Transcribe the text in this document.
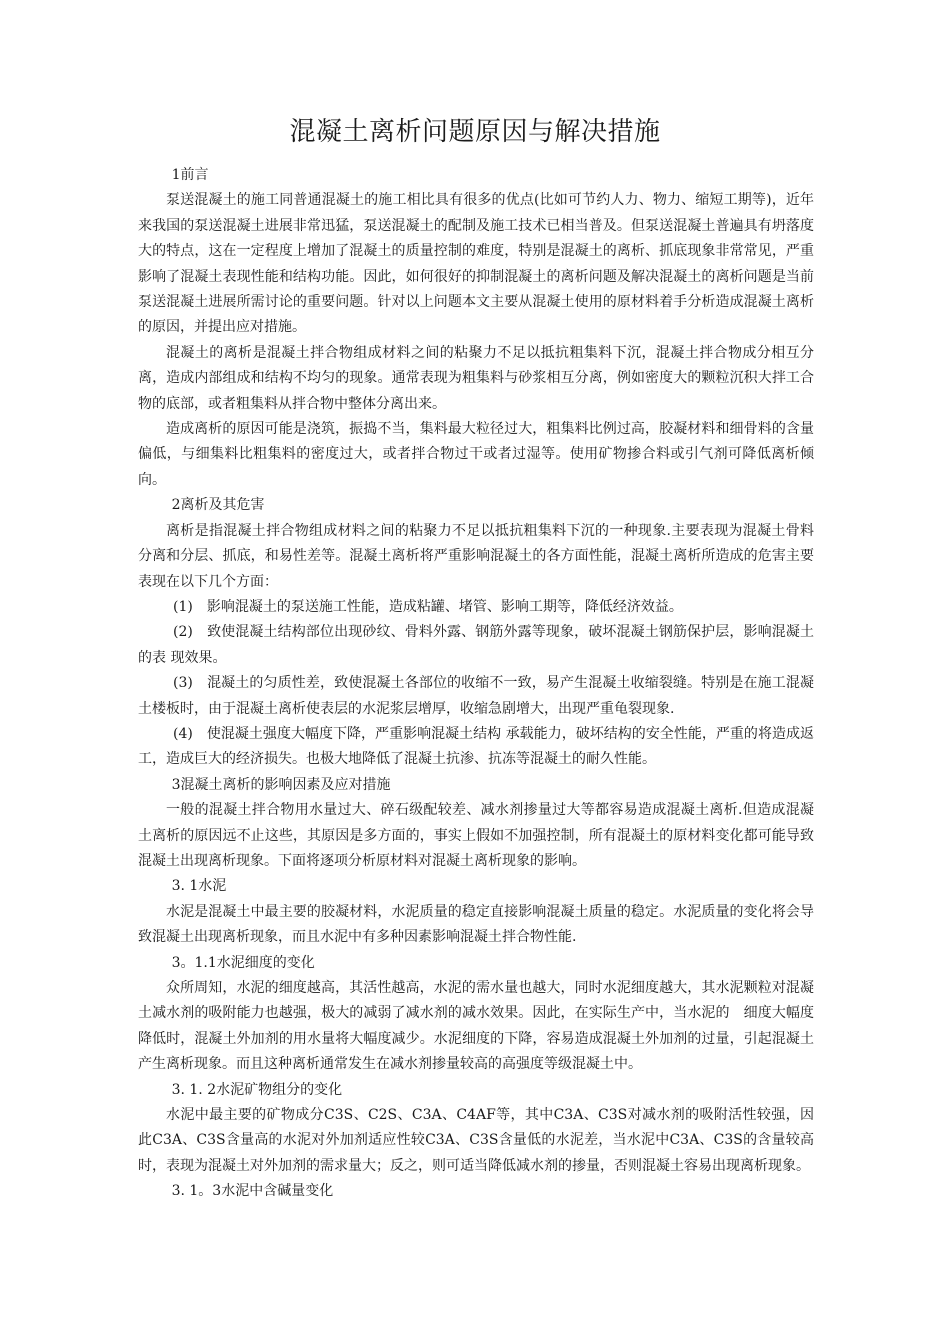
混凝土离析问题原因与解决措施

1前言

泵送混凝土的施工同普通混凝土的施工相比具有很多的优点(比如可节约人力、物力、缩短工期等)，近年来我国的泵送混凝土进展非常迅猛，泵送混凝土的配制及施工技术已相当普及。但泵送混凝土普遍具有坍落度大的特点，这在一定程度上增加了混凝土的质量控制的难度，特别是混凝土的离析、抓底现象非常常见，严重影响了混凝土表现性能和结构功能。因此，如何很好的抑制混凝土的离析问题及解决混凝土的离析问题是当前泵送混凝土进展所需讨论的重要问题。针对以上问题本文主要从混凝土使用的原材料着手分析造成混凝土离析的原因，并提出应对措施。

混凝土的离析是混凝土拌合物组成材料之间的粘聚力不足以抵抗粗集料下沉，混凝土拌合物成分相互分离，造成内部组成和结构不均匀的现象。通常表现为粗集料与砂浆相互分离，例如密度大的颗粒沉积大拌工合物的底部，或者粗集料从拌合物中整体分离出来。

造成离析的原因可能是浇筑，振捣不当，集料最大粒径过大，粗集料比例过高，胶凝材料和细骨料的含量偏低，与细集料比粗集料的密度过大，或者拌合物过干或者过湿等。使用矿物掺合料或引气剂可降低离析倾向。

2离析及其危害

离析是指混凝土拌合物组成材料之间的粘聚力不足以抵抗粗集料下沉的一种现象.主要表现为混凝土骨料分离和分层、抓底，和易性差等。混凝土离析将严重影响混凝土的各方面性能，混凝土离析所造成的危害主要表现在以下几个方面：

(1)　影响混凝土的泵送施工性能，造成粘罐、堵管、影响工期等，降低经济效益。

(2)　致使混凝土结构部位出现砂纹、骨料外露、钢筋外露等现象，破坏混凝土钢筋保护层，影响混凝土的表 现效果。

(3)　混凝土的匀质性差，致使混凝土各部位的收缩不一致，易产生混凝土收缩裂缝。特别是在施工混凝土楼板时，由于混凝土离析使表层的水泥浆层增厚，收缩急剧增大，出现严重龟裂现象.

(4)　使混凝土强度大幅度下降，严重影响混凝土结构 承载能力，破坏结构的安全性能，严重的将造成返工，造成巨大的经济损失。也极大地降低了混凝土抗渗、抗冻等混凝土的耐久性能。

3混凝土离析的影响因素及应对措施

一般的混凝土拌合物用水量过大、碎石级配较差、减水剂掺量过大等都容易造成混凝土离析.但造成混凝土离析的原因远不止这些，其原因是多方面的，事实上假如不加强控制，所有混凝土的原材料变化都可能导致混凝土出现离析现象。下面将逐项分析原材料对混凝土离析现象的影响。

3. 1水泥

水泥是混凝土中最主要的胶凝材料，水泥质量的稳定直接影响混凝土质量的稳定。水泥质量的变化将会导致混凝土出现离析现象，而且水泥中有多种因素影响混凝土拌合物性能.

3。1.1水泥细度的变化

众所周知，水泥的细度越高，其活性越高，水泥的需水量也越大，同时水泥细度越大，其水泥颗粒对混凝土减水剂的吸附能力也越强，极大的减弱了减水剂的减水效果。因此，在实际生产中，当水泥的　细度大幅度降低时，混凝土外加剂的用水量将大幅度减少。水泥细度的下降，容易造成混凝土外加剂的过量，引起混凝土产生离析现象。而且这种离析通常发生在减水剂掺量较高的高强度等级混凝土中。

3. 1. 2水泥矿物组分的变化

水泥中最主要的矿物成分C3S、C2S、C3A、C4AF等，其中C3A、C3S对减水剂的吸附活性较强，因此C3A、C3S含量高的水泥对外加剂适应性较C3A、C3S含量低的水泥差，当水泥中C3A、C3S的含量较高时，表现为混凝土对外加剂的需求量大；反之，则可适当降低减水剂的掺量，否则混凝土容易出现离析现象。

3. 1。3水泥中含碱量变化
